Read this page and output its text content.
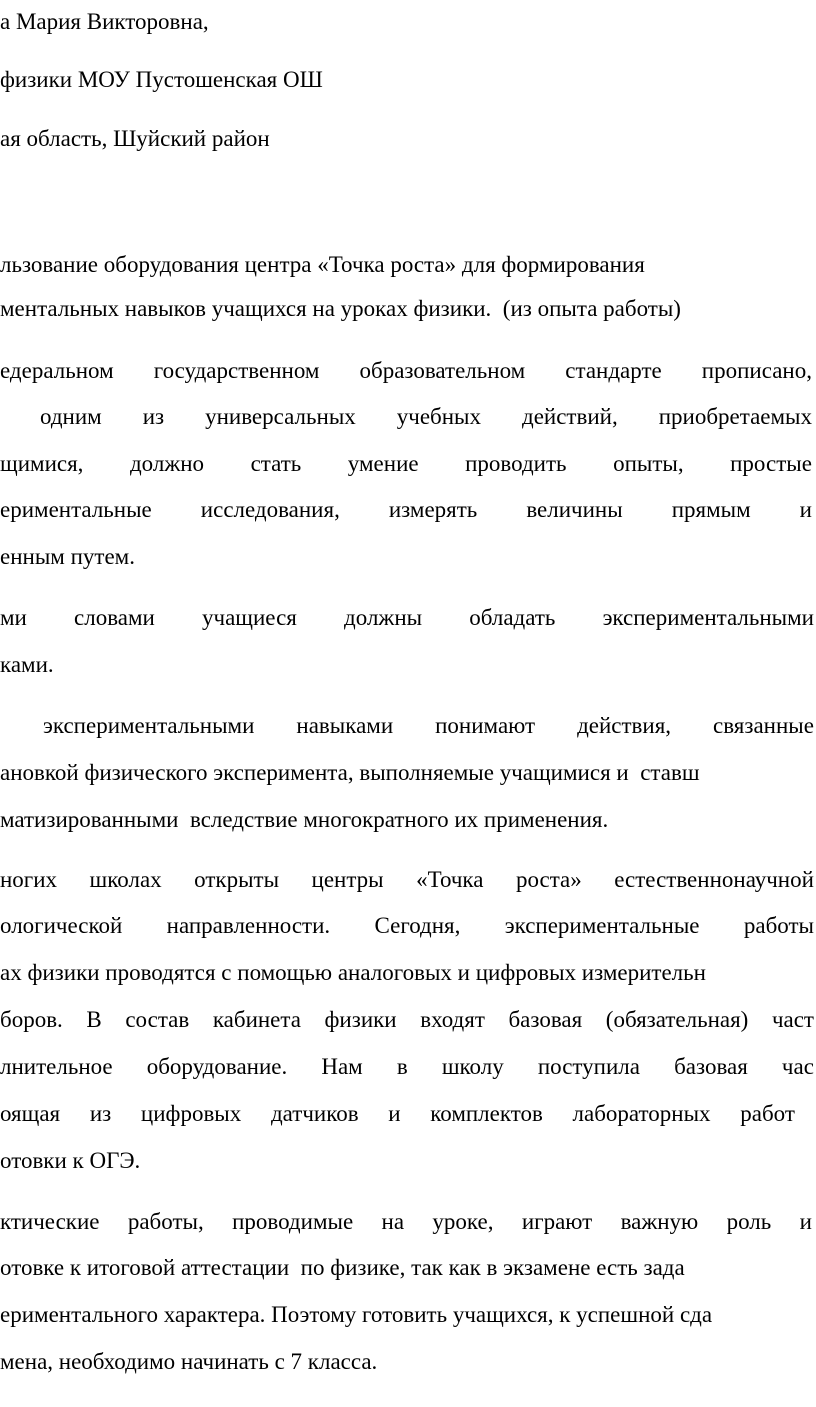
а Мария Викторовна,
физики МОУ Пустошенская ОШ
ая область, Шуйский район
льзование оборудования центра «Точка роста» для формирования
ментальных навыков учащихся на уроках физики.  (из опыта работы)
едеральном государственном образовательном стандарте прописано,
одним из универсальных учебных действий, приобретаемых
щимися, должно стать умение проводить опыты, простые
ериментальные исследования, измерять величины прямым и
енным путем.
ми словами учащиеся должны обладать экспериментальными
ками.
экспериментальными навыками понимают действия, связанные
ановкой физического эксперимента, выполняемые учащимися и  ставш
матизированными  вследствие многократного их применения.
ногих школах открыты центры «Точка роста» естественнонаучной
ологической направленности. Сегодня, экспериментальные работы
ах физики проводятся с помощью аналоговых и цифровых измерительн
боров. В состав кабинета физики входят базовая (обязательная) част
лнительное оборудование. Нам в школу поступила базовая час
оящая из цифровых датчиков и комплектов лабораторных работ
отовки к ОГЭ.
ктические работы, проводимые на уроке, играют важную роль и
отовке к итоговой аттестации  по физике, так как в экзамене есть зада
ериментального характера. Поэтому готовить учащихся, к успешной сда
мена, необходимо начинать с 7 класса.
